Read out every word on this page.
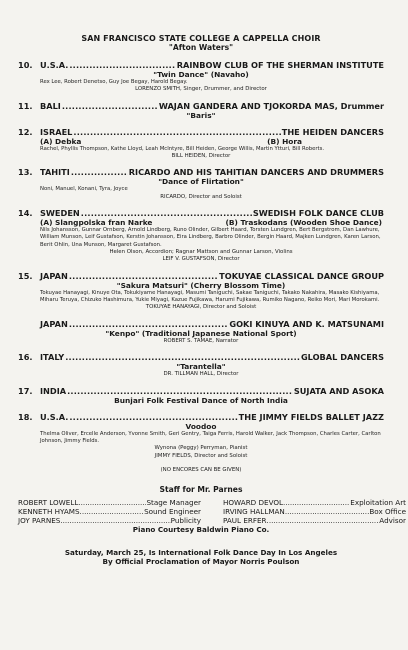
SAN FRANCISCO STATE COLLEGE A CAPPELLA CHOIR
"Afton Waters"
10. U.S.A. .....	RAINBOW CLUB OF THE SHERMAN INSTITUTE
"Twin Dance" (Navaho)
Rex Lee, Robert Denetso, Guy Joe Begay, Harold Begay.
LORENZO SMITH, Singer, Drummer, and Director
11. BALI .....	WAJAN GANDERA AND TJOKORDA MAS, Drummer
"Baris"
12. ISRAEL .....	THE HEIDEN DANCERS
(A) Debka	(B) Hora
Rachel, Phyllis Thompson, Kathe Lloyd, Leah McIntyre, Bill Heiden, George Willis, Martin Ytturi, Bill Roberts.
BILL HEIDEN, Director
13. TAHITI .....	RICARDO AND HIS TAHITIAN DANCERS AND DRUMMERS
"Dance of Flirtation"
Noni, Manuel, Konani, Tyra, Joyce
RICARDO, Director and Soloist
14. SWEDEN .....	SWEDISH FOLK DANCE CLUB
(A) Slangpolska fran Narke	(B) Traskodans (Wooden Shoe Dance)
Nils Johansson, Gunnar Ornberg, Arnold Lindberg, Runo Olinder, Gilbert Haard, Torsten Lundgren, Bert Bergstrom, Dan Lawhure, William Munson, Leif Gustafson, Kerstin Johansson, Eira Lindberg, Barbro Olinder, Bergin Haard, Majken Lundgren, Karen Larson, Berit Ohlin, Una Munson, Margaret Gustafson.
Helen Olson, Accordion; Ragnar Mattson and Gunnar Larson, Violins
LEIF V. GUSTAFSON, Director
15. JAPAN .....	TOKUYAE CLASSICAL DANCE GROUP
"Sakura Matsuri" (Cherry Blossom Time)
Tokuyae Hanayagi, Kinuye Ota, Tokukiyame Hanayagi, Masumi Taniguchi, Sakae Taniguchi, Takako Nakahira, Masako Kishiyama, Miharu Teruya, Chizuko Hashimura, Yukie Miyagi, Kazue Fujikawa, Harumi Fujikawa, Rumiko Nagano, Reiko Mori, Mari Morokami.
TOKUYAE HANAYAGI, Director and Soloist
JAPAN .....	GOKI KINUYA AND K. MATSUNAMI
"Kenpo" (Traditional Japanese National Sport)
ROBERT S. TAMAE, Narrator
16. ITALY .....	GLOBAL DANCERS
"Tarantella"
DR. TILLMAN HALL, Director
17. INDIA .....	SUJATA AND ASOKA
Bunjari Folk Festival Dance of North India
18. U.S.A. .....	THE JIMMY FIELDS BALLET JAZZ
Voodoo
Thelma Oliver, Ercelle Anderson, Yvonne Smith, Geri Gentry, Taiga Ferris, Harold Walker, Jack Thompson, Charles Carter, Carlton Johnson, Jimmy Fields.
Wynona (Peggy) Perryman, Pianist
JIMMY FIELDS, Director and Soloist
(NO ENCORES CAN BE GIVEN)
Staff for Mr. Parnes
ROBERT LOWELL .....	Stage Manager	HOWARD DEVOL .....	Exploitation Art
KENNETH HYAMS .....	Sound Engineer	IRVING HALLMAN .....	Box Office
JOY PARNES .....	Publicity	PAUL ERFER .....	Advisor
Piano Courtesy Baldwin Piano Co.
Saturday, March 25, Is International Folk Dance Day In Los Angeles
By Official Proclamation of Mayor Norris Poulson
